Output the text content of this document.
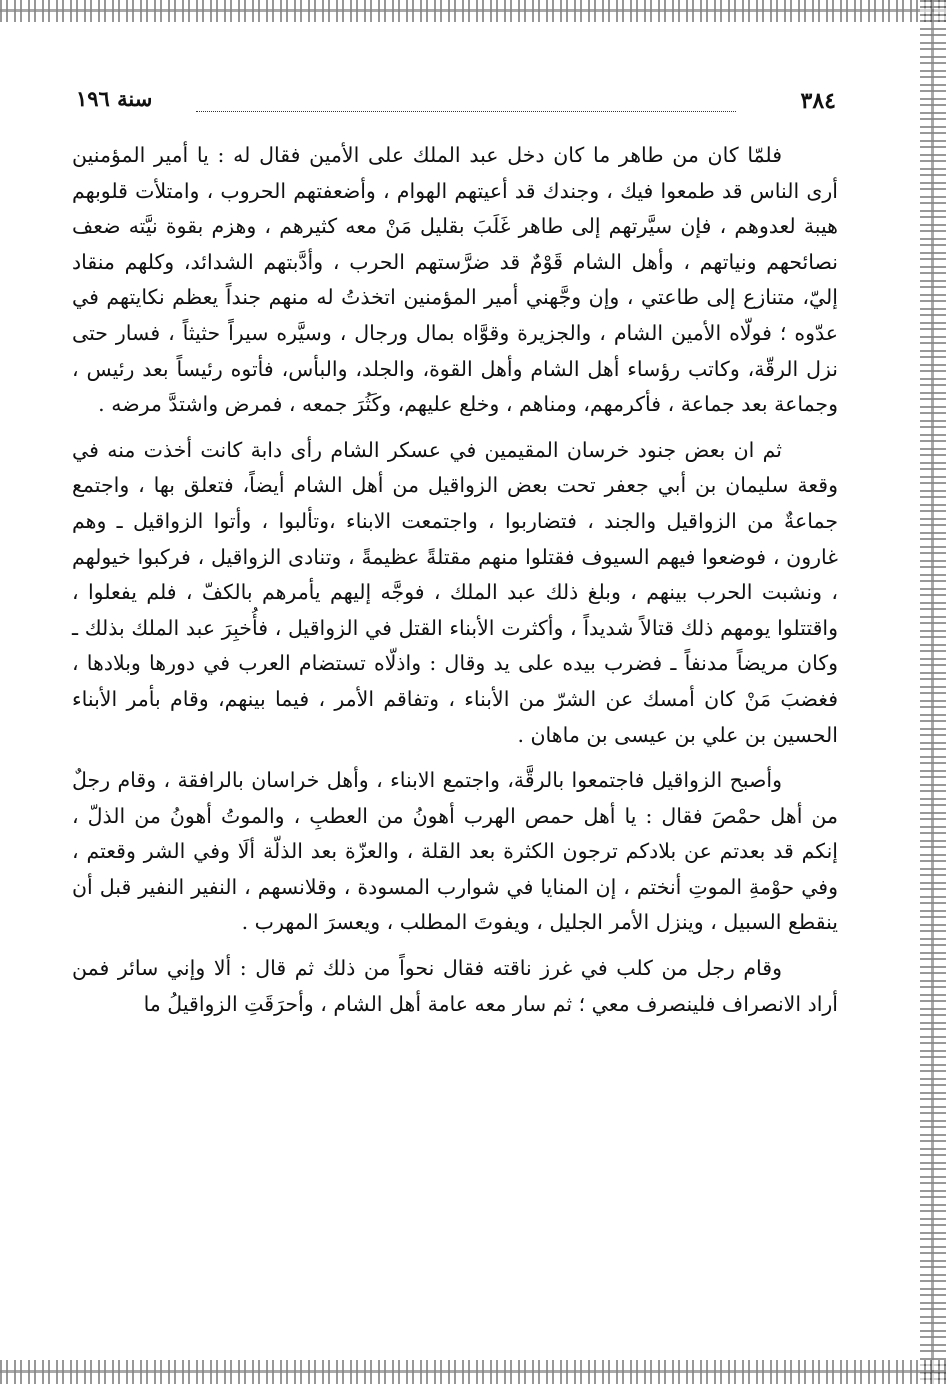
سنة ١٩٦	٣٨٤

فلمّا كان من طاهر ما كان دخل عبد الملك على الأمين فقال له : يا أمير المؤمنين أرى الناس قد طمعوا فيك ، وجندك قد أعيتهم الهوام ، وأضعفتهم الحروب ، وامتلأت قلوبهم هيبة لعدوهم ، فإن سيَّرتهم إلى طاهر غَلَبَ بقليل مَنْ معه كثيرهم ، وهزم بقوة نيَّته ضعف نصائحهم ونياتهم ، وأهل الشام قَوْمٌ قد ضرَّستهم الحرب ، وأدَّبتهم الشدائد، وكلهم منقاد إليّ، متنازع إلى طاعتي ، وإن وجَّهني أمير المؤمنين اتخذتُ له منهم جنداً يعظم نكايتهم في عدّوه ؛ فولّاه الأمين الشام ، والجزيرة وقوَّاه بمال ورجال ، وسيَّره سيراً حثيثاً ، فسار حتى نزل الرقّة، وكاتب رؤساء أهل الشام وأهل القوة، والجلد، والبأس، فأتوه رئيساً بعد رئيس ، وجماعة بعد جماعة ، فأكرمهم، ومناهم ، وخلع عليهم، وكَثُرَ جمعه ، فمرض واشتدَّ مرضه .

ثم ان بعض جنود خرسان المقيمين في عسكر الشام رأى دابة كانت أخذت منه في وقعة سليمان بن أبي جعفر تحت بعض الزواقيل من أهل الشام أيضاً، فتعلق بها ، واجتمع جماعةٌ من الزواقيل والجند ، فتضاربوا ، واجتمعت الابناء ،وتألبوا ، وأتوا الزواقيل ـ وهم غارون ، فوضعوا فيهم السيوف فقتلوا منهم مقتلةً عظيمةً ، وتنادى الزواقيل ، فركبوا خيولهم ، ونشبت الحرب بينهم ، وبلغ ذلك عبد الملك ، فوجَّه إليهم يأمرهم بالكفّ ، فلم يفعلوا ، واقتتلوا يومهم ذلك قتالاً شديداً ، وأكثرت الأبناء القتل في الزواقيل ، فأُخبِرَ عبد الملك بذلك ـ وكان مريضاً مدنفاً ـ فضرب بيده على يد وقال : واذلّاه تستضام العرب في دورها وبلادها ، فغضبَ مَنْ كان أمسك عن الشرّ من الأبناء ، وتفاقم الأمر ، فيما بينهم، وقام بأمر الأبناء الحسين بن علي بن عيسى بن ماهان .

وأصبح الزواقيل فاجتمعوا بالرقَّة، واجتمع الابناء ، وأهل خراسان بالرافقة ، وقام رجلٌ من أهل حمْصَ فقال : يا أهل حمص الهرب أهونُ من العطبِ ، والموتُ أهونُ من الذلّ ، إنكم قد بعدتم عن بلادكم ترجون الكثرة بعد القلة ، والعزّة بعد الذلّة ألَا وفي الشر وقعتم ، وفي حوْمةِ الموتِ أنختم ، إن المنايا في شوارب المسودة ، وقلانسهم ، النفير النفير قبل أن ينقطع السبيل ، وينزل الأمر الجليل ، ويفوتَ المطلب ، ويعسرَ المهرب .

وقام رجل من كلب في غرز ناقته فقال نحواً من ذلك ثم قال : ألا وإني سائر فمن أراد الانصراف فلينصرف معي ؛ ثم سار معه عامة أهل الشام ، وأحرَقَتِ الزواقيلُ ما
